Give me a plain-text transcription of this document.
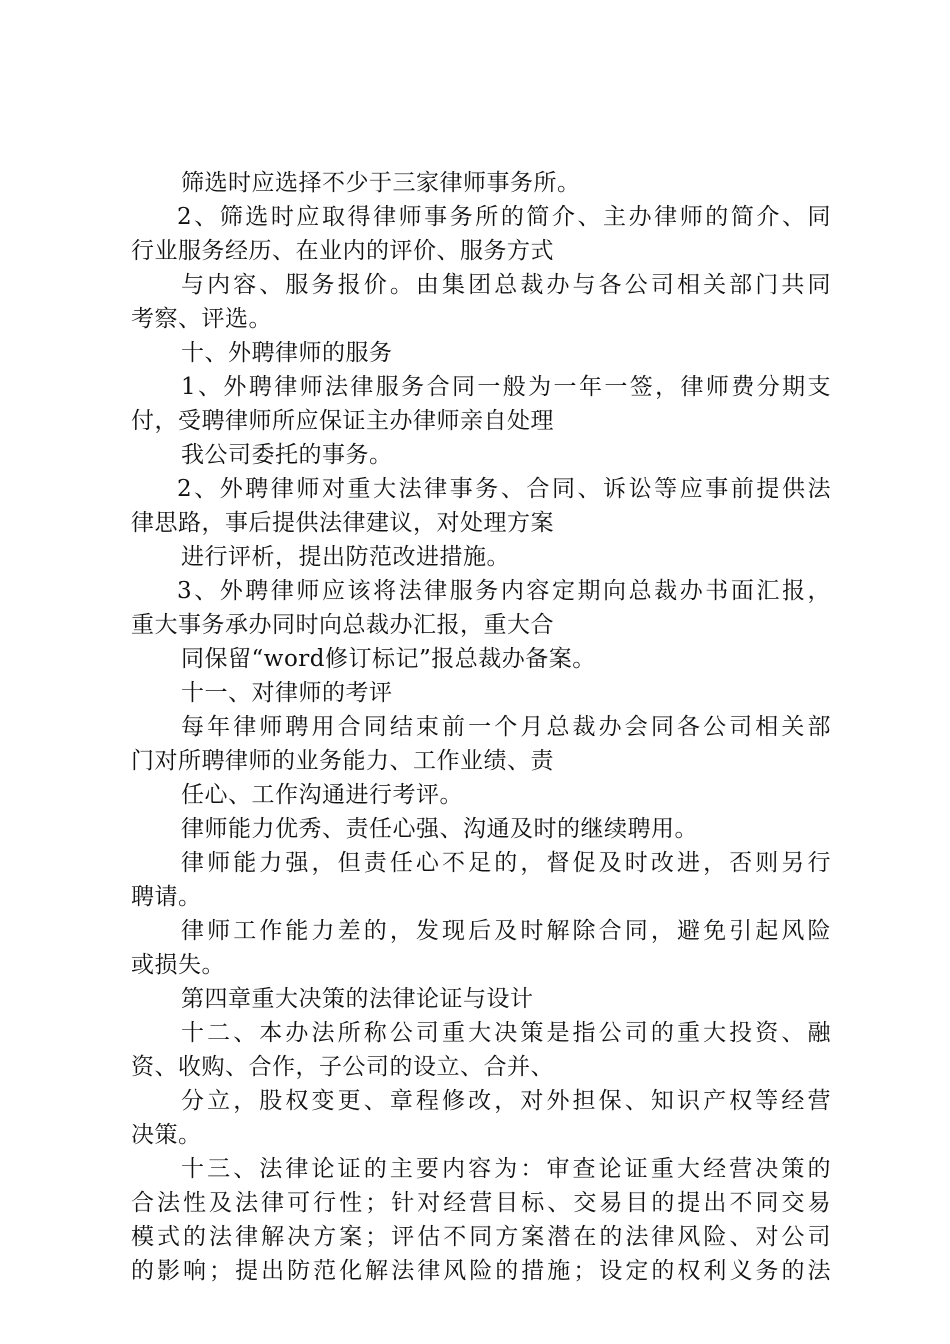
筛选时应选择不少于三家律师事务所。
2、筛选时应取得律师事务所的简介、主办律师的简介、同
行业服务经历、在业内的评价、服务方式
与内容、服务报价。由集团总裁办与各公司相关部门共同
考察、评选。
十、外聘律师的服务
1、外聘律师法律服务合同一般为一年一签，律师费分期支
付，受聘律师所应保证主办律师亲自处理
我公司委托的事务。
2、外聘律师对重大法律事务、合同、诉讼等应事前提供法
律思路，事后提供法律建议，对处理方案
进行评析，提出防范改进措施。
3、外聘律师应该将法律服务内容定期向总裁办书面汇报，
重大事务承办同时向总裁办汇报，重大合
同保留“word修订标记”报总裁办备案。
十一、对律师的考评
每年律师聘用合同结束前一个月总裁办会同各公司相关部
门对所聘律师的业务能力、工作业绩、责
任心、工作沟通进行考评。
律师能力优秀、责任心强、沟通及时的继续聘用。
律师能力强，但责任心不足的，督促及时改进，否则另行
聘请。
律师工作能力差的，发现后及时解除合同，避免引起风险
或损失。
第四章重大决策的法律论证与设计
十二、本办法所称公司重大决策是指公司的重大投资、融
资、收购、合作，子公司的设立、合并、
分立，股权变更、章程修改，对外担保、知识产权等经营
决策。
十三、法律论证的主要内容为：审查论证重大经营决策的
合法性及法律可行性；针对经营目标、交易目的提出不同交易
模式的法律解决方案；评估不同方案潜在的法律风险、对公司
的影响；提出防范化解法律风险的措施；设定的权利义务的法
